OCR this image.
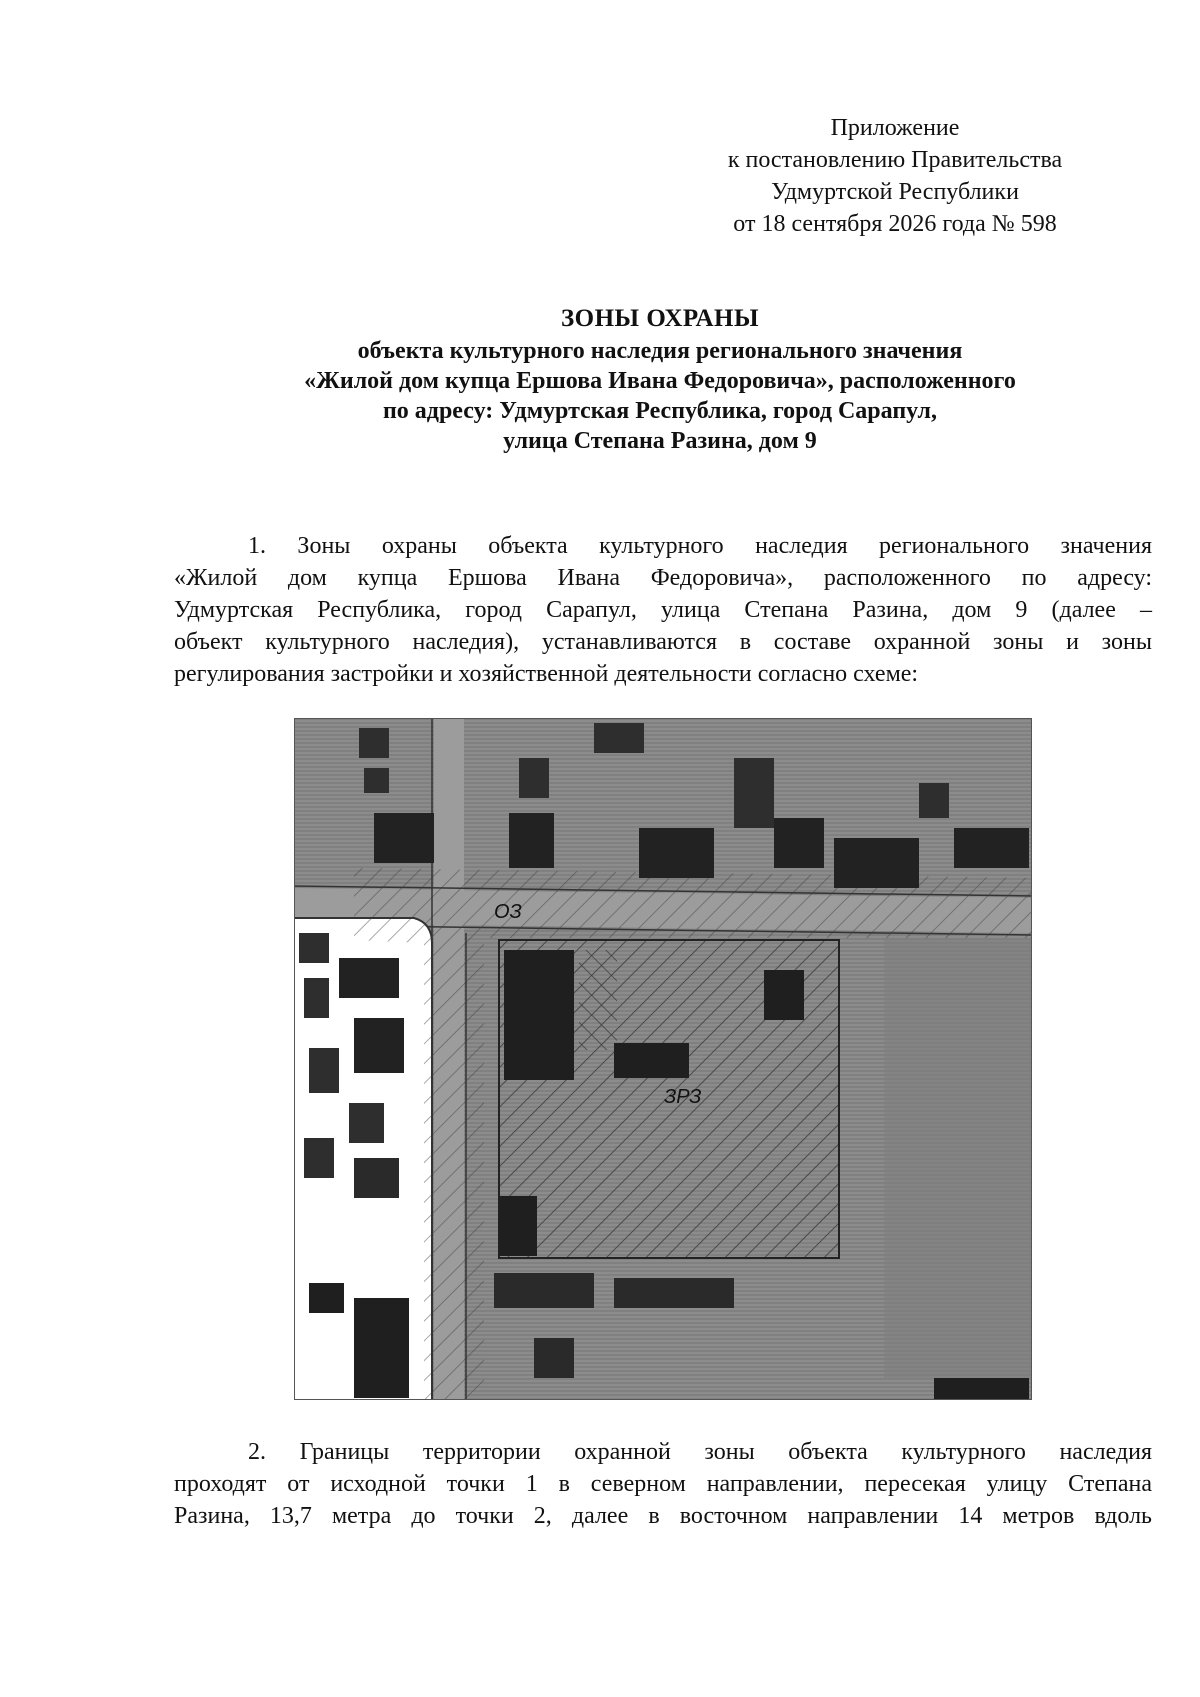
Приложение
к постановлению Правительства
Удмуртской Республики
от 18 сентября 2026 года № 598
ЗОНЫ ОХРАНЫ
объекта культурного наследия регионального значения
«Жилой дом купца Ершова Ивана Федоровича», расположенного
по адресу: Удмуртская Республика, город Сарапул,
улица Степана Разина, дом 9
1. Зоны охраны объекта культурного наследия регионального значения
«Жилой дом купца Ершова Ивана Федоровича», расположенного по адресу:
Удмуртская Республика, город Сарапул, улица Степана Разина, дом 9 (далее –
объект культурного наследия), устанавливаются в составе охранной зоны и зоны
регулирования застройки и хозяйственной деятельности согласно схеме:
ОЗ
ЗРЗ
2. Границы территории охранной зоны объекта культурного наследия
проходят от исходной точки 1 в северном направлении, пересекая улицу Степана
Разина, 13,7 метра до точки 2, далее в восточном направлении 14 метров вдоль
